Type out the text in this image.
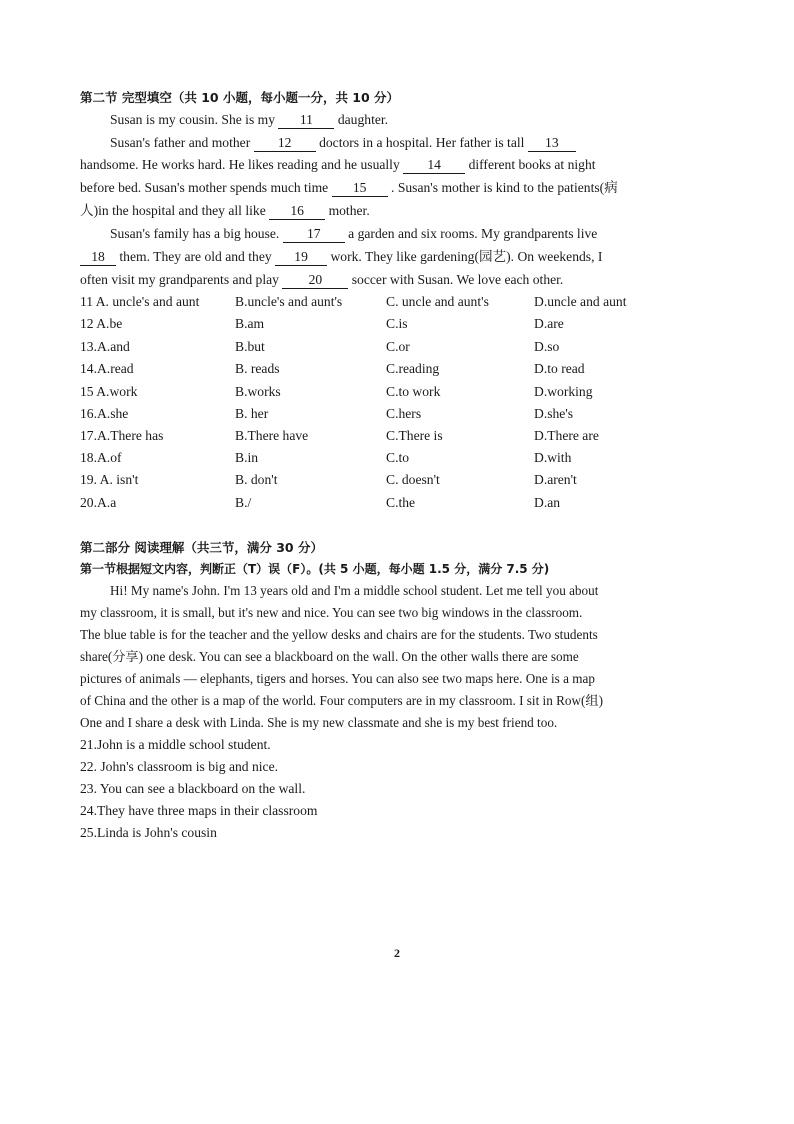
第二节 完型填空（共 10 小题，每小题一分，共 10 分）
Susan is my cousin. She is my 11 daughter.
Susan's father and mother 12 doctors in a hospital. Her father is tall 13
handsome. He works hard. He likes reading and he usually 14 different books at night
before bed. Susan's mother spends much time 15 . Susan's mother is kind to the patients(病
人)in the hospital and they all like 16 mother.
Susan's family has a big house. 17 a garden and six rooms. My grandparents live
18 them. They are old and they 19 work. They like gardening(园艺). On weekends, I
often visit my grandparents and play 20 soccer with Susan. We love each other.
11 A. uncle's and aunt	B.uncle's and aunt's	C. uncle and aunt's	D.uncle and aunt
12 A.be	B.am	C.is	D.are
13.A.and	B.but	C.or	D.so
14.A.read	B. reads	C.reading	D.to read
15 A.work	B.works	C.to work	D.working
16.A.she	B. her	C.hers	D.she's
17.A.There has	B.There have	C.There is	D.There are
18.A.of	B.in	C.to	D.with
19. A. isn't	B. don't	C. doesn't	D.aren't
20.A.a	B./	C.the	D.an
第二部分 阅读理解（共三节，满分 30 分）
第一节根据短文内容，判断正（T）误（F）。(共 5 小题，每小题 1.5 分，满分 7.5 分)
Hi! My name's John. I'm 13 years old and I'm a middle school student. Let me tell you about
my classroom, it is small, but it's new and nice. You can see two big windows in the classroom.
The blue table is for the teacher and the yellow desks and chairs are for the students. Two students
share(分享) one desk. You can see a blackboard on the wall. On the other walls there are some
pictures of animals — elephants, tigers and horses. You can also see two maps here. One is a map
of China and the other is a map of the world. Four computers are in my classroom. I sit in Row(组)
One and I share a desk with Linda. She is my new classmate and she is my best friend too.
21.John is a middle school student.
22. John's classroom is big and nice.
23. You can see a blackboard on the wall.
24.They have three maps in their classroom
25.Linda is John's cousin
2
